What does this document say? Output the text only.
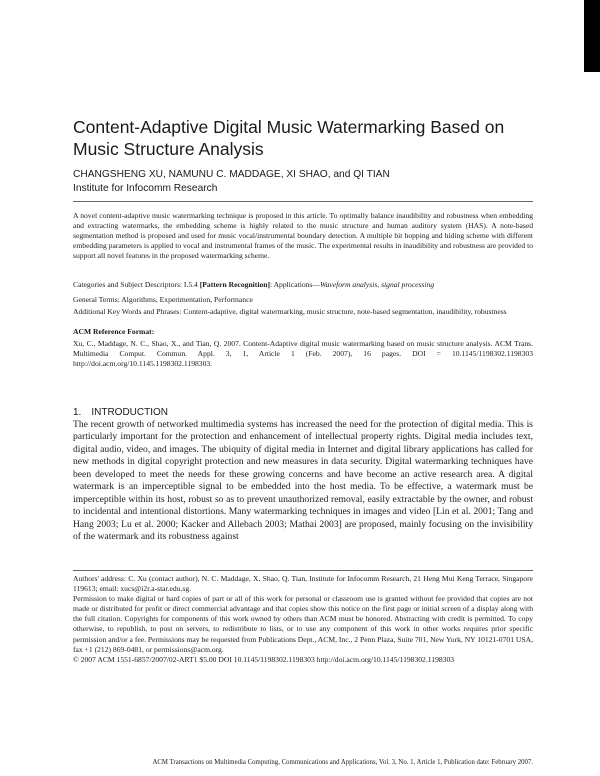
Content-Adaptive Digital Music Watermarking Based on Music Structure Analysis
CHANGSHENG XU, NAMUNU C. MADDAGE, XI SHAO, and QI TIAN
Institute for Infocomm Research

A novel content-adaptive music watermarking technique is proposed in this article. To optimally balance inaudibility and robustness when embedding and extracting watermarks, the embedding scheme is highly related to the music structure and human auditory system (HAS). A note-based segmentation method is proposed and used for music vocal/instrumental boundary detection. A multiple bit hopping and hiding scheme with different embedding parameters is applied to vocal and instrumental frames of the music. The experimental results in inaudibility and robustness are provided to support all novel features in the proposed watermarking scheme.

Categories and Subject Descriptors: I.5.4 [Pattern Recognition]: Applications—Waveform analysis, signal processing

General Terms: Algorithms, Experimentation, Performance

Additional Key Words and Phrases: Content-adaptive, digital watermarking, music structure, note-based segmentation, inaudibility, robustness

ACM Reference Format:

Xu, C., Maddage, N. C., Shao, X., and Tian, Q. 2007. Content-Adaptive digital music watermarking based on music structure analysis. ACM Trans. Multimedia Comput. Commun. Appl. 3, 1, Article 1 (Feb. 2007), 16 pages. DOI = 10.1145/1198302.1198303 http://doi.acm.org/10.1145.1198302.1198303.

1. INTRODUCTION

The recent growth of networked multimedia systems has increased the need for the protection of digital media. This is particularly important for the protection and enhancement of intellectual property rights. Digital media includes text, digital audio, video, and images. The ubiquity of digital media in Internet and digital library applications has called for new methods in digital copyright protection and new measures in data security. Digital watermarking techniques have been developed to meet the needs for these growing concerns and have become an active research area. A digital watermark is an imperceptible signal to be embedded into the host media. To be effective, a watermark must be imperceptible within its host, robust so as to prevent unauthorized removal, easily extractable by the owner, and robust to incidental and intentional distortions. Many watermarking techniques in images and video [Lin et al. 2001; Tang and Hang 2003; Lu et al. 2000; Kacker and Allebach 2003; Mathai 2003] are proposed, mainly focusing on the invisibility of the watermark and its robustness against

Authors' address: C. Xu (contact author), N. C. Maddage, X. Shao, Q. Tian, Institute for Infocomm Research, 21 Heng Mui Keng Terrace, Singapore 119613; email: xucs@i2r.a-star.edu.sg.

Permission to make digital or hard copies of part or all of this work for personal or classroom use is granted without fee provided that copies are not made or distributed for profit or direct commercial advantage and that copies show this notice on the first page or initial screen of a display along with the full citation. Copyrights for components of this work owned by others than ACM must be honored. Abstracting with credit is permitted. To copy otherwise, to republish, to post on servers, to redistribute to lists, or to use any component of this work in other works requires prior specific permission and/or a fee. Permissions may be requested from Publications Dept., ACM, Inc., 2 Penn Plaza, Suite 701, New York, NY 10121-0701 USA, fax +1 (212) 869-0481, or permissions@acm.org.

© 2007 ACM 1551-6857/2007/02-ART1 $5.00 DOI 10.1145/1198302.1198303 http://doi.acm.org/10.1145/1198302.1198303

ACM Transactions on Multimedia Computing, Communications and Applications, Vol. 3, No. 1, Article 1, Publication date: February 2007.
